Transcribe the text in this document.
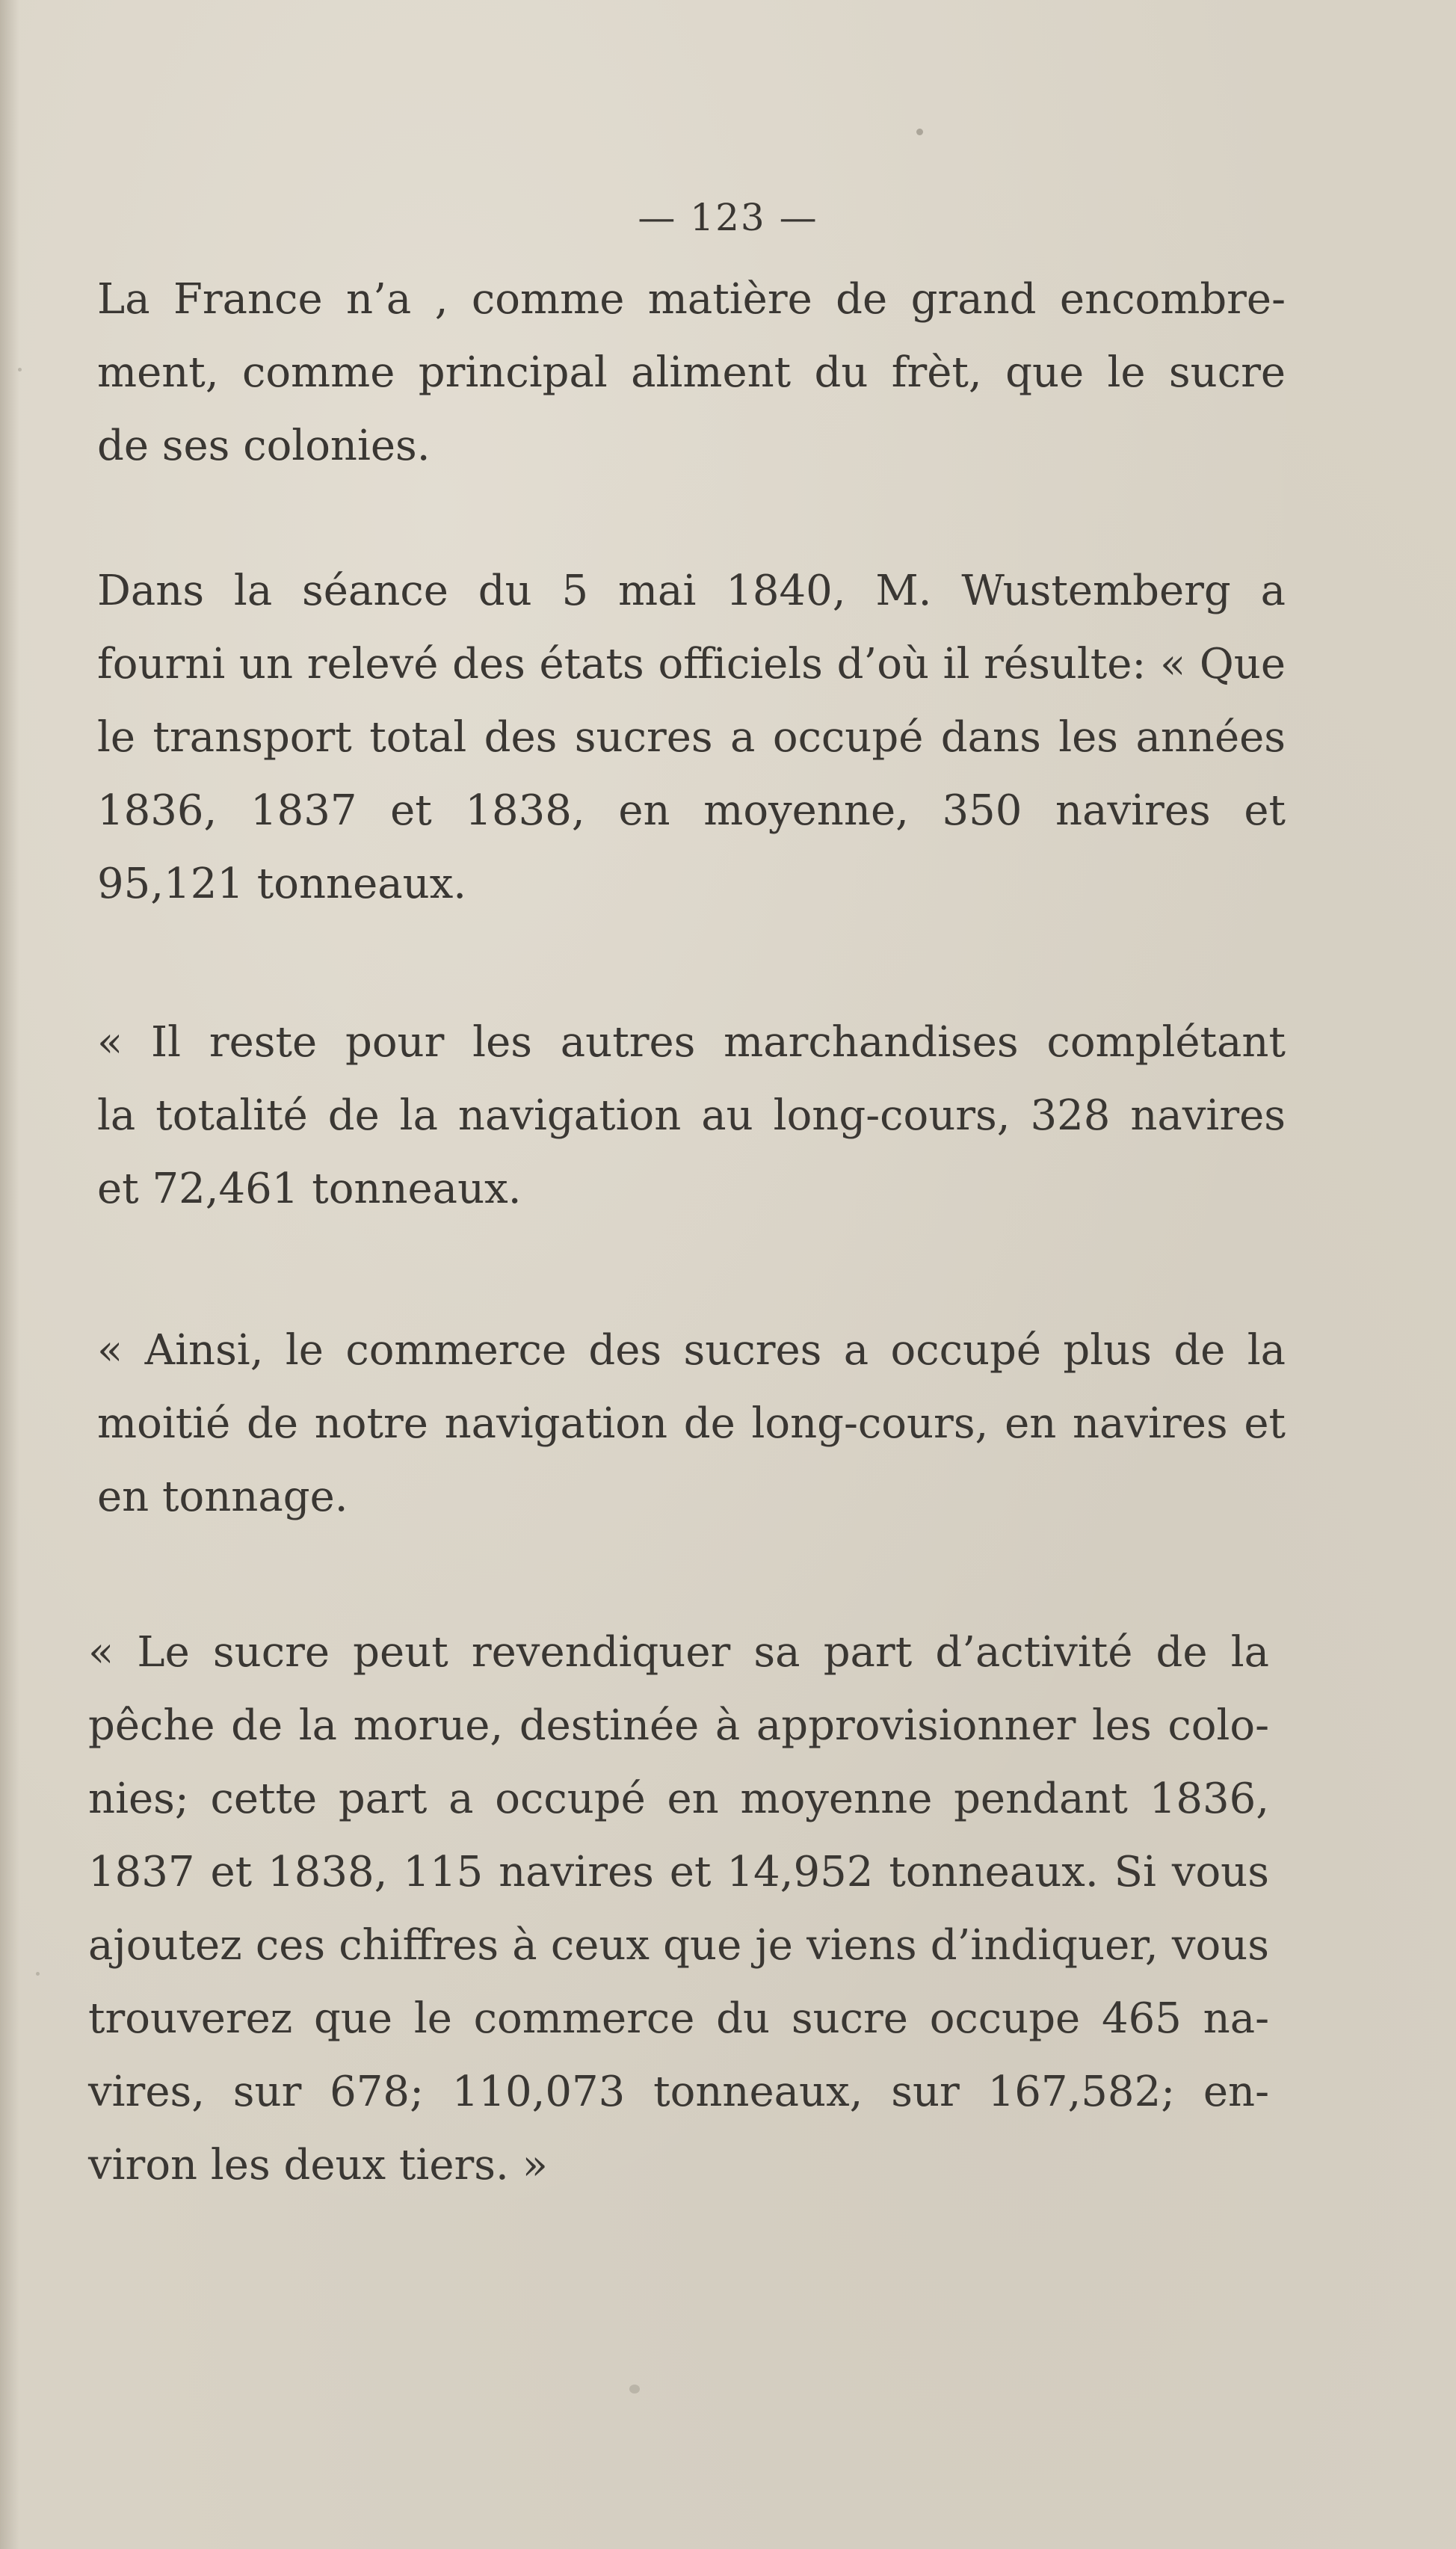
— 123 —
La France n’a , comme matière de grand encombre-
ment, comme principal aliment du frèt, que le sucre
de ses colonies.
Dans la séance du 5 mai 1840, M. Wustemberg a
fourni un relevé des états officiels d’où il résulte: « Que
le transport total des sucres a occupé dans les années
1836, 1837 et 1838, en moyenne, 350 navires et
95,121 tonneaux.
« Il reste pour les autres marchandises complétant
la totalité de la navigation au long-cours, 328 navires
et 72,461 tonneaux.
« Ainsi, le commerce des sucres a occupé plus de la
moitié de notre navigation de long-cours, en navires et
en tonnage.
« Le sucre peut revendiquer sa part d’activité de la
pêche de la morue, destinée à approvisionner les colo-
nies; cette part a occupé en moyenne pendant 1836,
1837 et 1838, 115 navires et 14,952 tonneaux. Si vous
ajoutez ces chiffres à ceux que je viens d’indiquer, vous
trouverez que le commerce du sucre occupe 465 na-
vires, sur 678; 110,073 tonneaux, sur 167,582; en-
viron les deux tiers. »
